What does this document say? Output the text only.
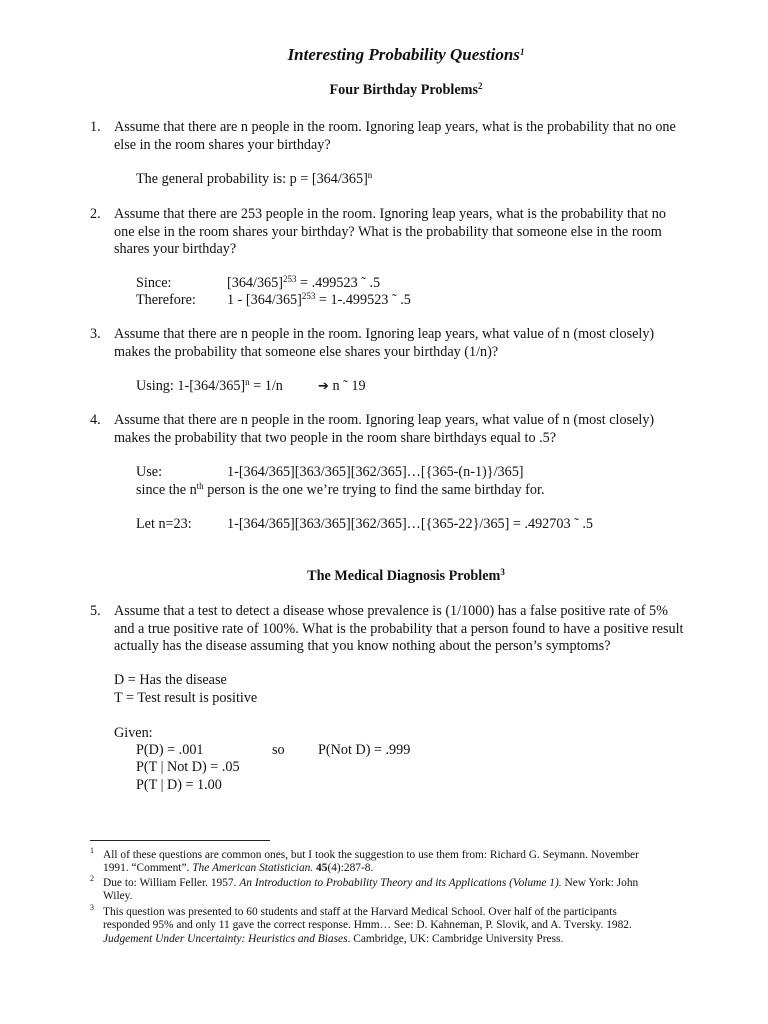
Interesting Probability Questions$^1$
Four Birthday Problems$^2$
1. Assume that there are n people in the room. Ignoring leap years, what is the probability that no one
else in the room shares your birthday?
The general probability is: $p = [364/365]^n$
2. Assume that there are 253 people in the room. Ignoring leap years, what is the probability that no
one else in the room shares your birthday? What is the probability that someone else in the room
shares your birthday?
Since:	$[364/365]^{253} = .499523$ ˜ .5
Therefore: $1 - [364/365]^{253} = 1-.499523$ ˜ .5
3. Assume that there are n people in the room. Ignoring leap years, what value of n (most closely)
makes the probability that someone else shares your birthday (1/n)?
Using: $1-[364/365]^n = 1/n$	➔ n ˜ 19
4. Assume that there are n people in the room. Ignoring leap years, what value of n (most closely)
makes the probability that two people in the room share birthdays equal to .5?
Use:	1-[364/365][363/365][362/365]…[{365-(n-1)}/365]
since the $n^{th}$ person is the one we’re trying to find the same birthday for.
Let n=23: 1-[364/365][363/365][362/365]…[{365-22}/365] = .492703 ˜ .5
The Medical Diagnosis Problem$^3$
5. Assume that a test to detect a disease whose prevalence is (1/1000) has a false positive rate of 5%
and a true positive rate of 100%. What is the probability that a person found to have a positive result
actually has the disease assuming that you know nothing about the person’s symptoms?
D = Has the disease
T = Test result is positive
Given:
P(D) = .001	so P(Not D) = .999
P(T | Not D) = .05
P(T | D) = 1.00
1 All of these questions are common ones, but I took the suggestion to use them from: Richard G. Seymann. November
1991. “Comment”. The American Statistician. 45(4):287-8.
2 Due to: William Feller. 1957. An Introduction to Probability Theory and its Applications (Volume 1). New York: John
Wiley.
3 This question was presented to 60 students and staff at the Harvard Medical School. Over half of the participants
responded 95% and only 11 gave the correct response. Hmm… See: D. Kahneman, P. Slovik, and A. Tversky. 1982.
Judgement Under Uncertainty: Heuristics and Biases. Cambridge, UK: Cambridge University Press.
